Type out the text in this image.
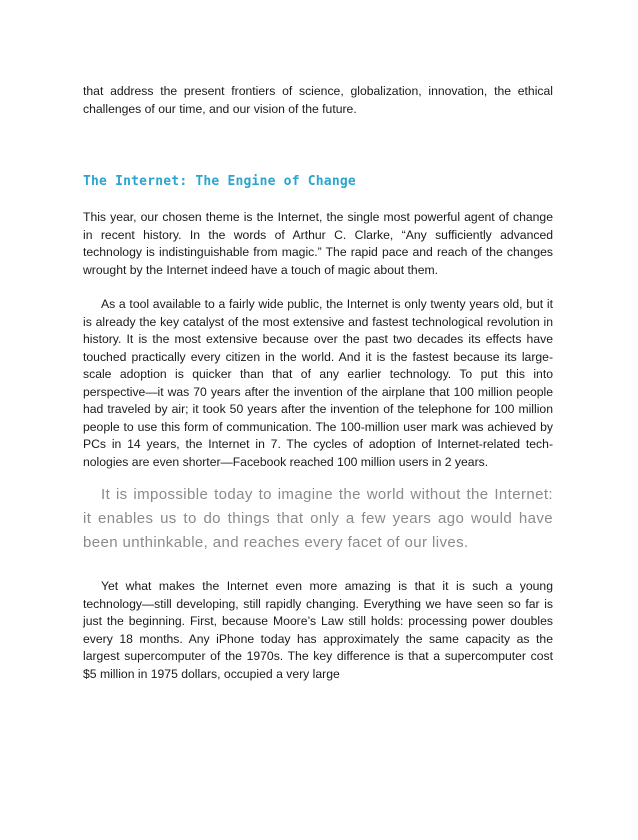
that address the present frontiers of science, globalization, innovation, the ethical challenges of our time, and our vision of the future.

The Internet: The Engine of Change

This year, our chosen theme is the Internet, the single most powerful agent of change in recent history. In the words of Arthur C. Clarke, “Any sufficiently advanced technology is indistinguishable from magic.” The rapid pace and reach of the changes wrought by the Internet indeed have a touch of magic about them.

As a tool available to a fairly wide public, the Internet is only twenty years old, but it is already the key catalyst of the most extensive and fastest technological revolution in history. It is the most extensive because over the past two decades its effects have touched practically every citizen in the world. And it is the fastest because its large-scale adoption is quicker than that of any earlier technology. To put this into perspective—it was 70 years after the invention of the airplane that 100 million people had traveled by air; it took 50 years after the invention of the telephone for 100 million people to use this form of communication. The 100-million user mark was achieved by PCs in 14 years, the Internet in 7. The cycles of adoption of Internet-related technologies are even shorter—Facebook reached 100 million users in 2 years.

It is impossible today to imagine the world without the Internet: it enables us to do things that only a few years ago would have been unthinkable, and reaches every facet of our lives.

Yet what makes the Internet even more amazing is that it is such a young technology—still developing, still rapidly changing. Everything we have seen so far is just the beginning. First, because Moore’s Law still holds: processing power doubles every 18 months. Any iPhone today has approximately the same capacity as the largest supercomputer of the 1970s. The key difference is that a supercomputer cost $5 million in 1975 dollars, occupied a very large
